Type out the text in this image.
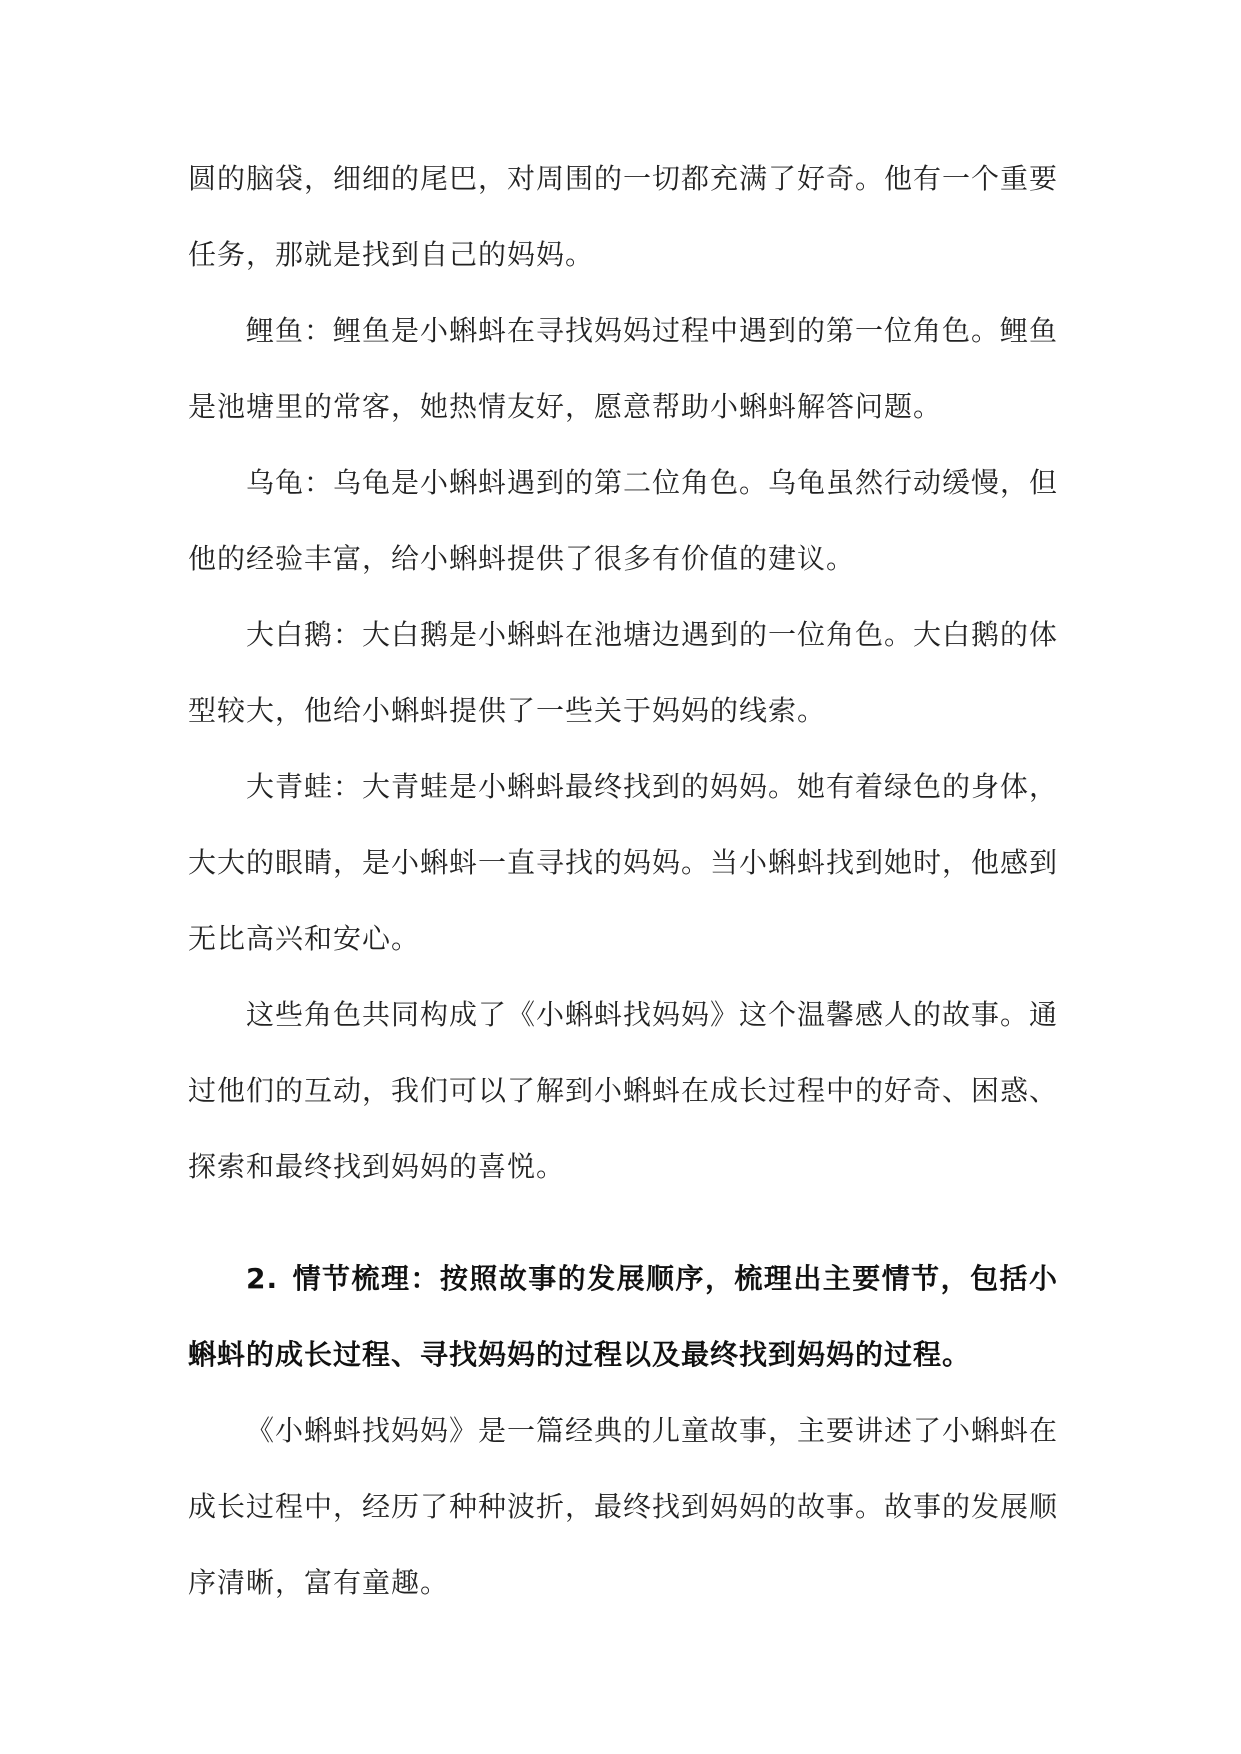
圆的脑袋，细细的尾巴，对周围的一切都充满了好奇。他有一个重要任务，那就是找到自己的妈妈。

鲤鱼：鲤鱼是小蝌蚪在寻找妈妈过程中遇到的第一位角色。鲤鱼是池塘里的常客，她热情友好，愿意帮助小蝌蚪解答问题。

乌龟：乌龟是小蝌蚪遇到的第二位角色。乌龟虽然行动缓慢，但他的经验丰富，给小蝌蚪提供了很多有价值的建议。

大白鹅：大白鹅是小蝌蚪在池塘边遇到的一位角色。大白鹅的体型较大，他给小蝌蚪提供了一些关于妈妈的线索。

大青蛙：大青蛙是小蝌蚪最终找到的妈妈。她有着绿色的身体，大大的眼睛，是小蝌蚪一直寻找的妈妈。当小蝌蚪找到她时，他感到无比高兴和安心。

这些角色共同构成了《小蝌蚪找妈妈》这个温馨感人的故事。通过他们的互动，我们可以了解到小蝌蚪在成长过程中的好奇、困惑、探索和最终找到妈妈的喜悦。

2. 情节梳理：按照故事的发展顺序，梳理出主要情节，包括小蝌蚪的成长过程、寻找妈妈的过程以及最终找到妈妈的过程。

《小蝌蚪找妈妈》是一篇经典的儿童故事，主要讲述了小蝌蚪在成长过程中，经历了种种波折，最终找到妈妈的故事。故事的发展顺序清晰，富有童趣。
